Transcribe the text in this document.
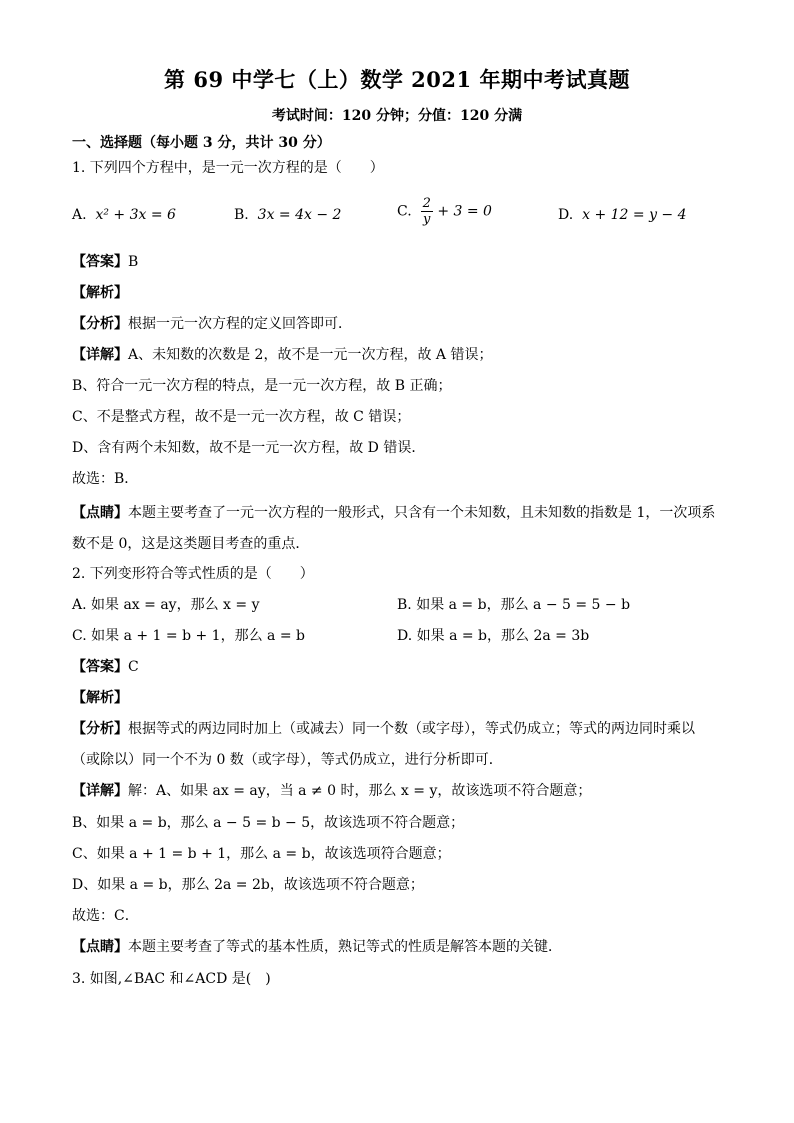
第 69 中学七（上）数学 2021 年期中考试真题
考试时间：120 分钟；分值：120 分满
一、选择题（每小题 3 分，共计 30 分）
1. 下列四个方程中，是一元一次方程的是（　　）
A. x² + 3x = 6	B. 3x = 4x − 2	C. $\frac{2}{y} + 3 = 0$	D. x + 12 = y − 4
【答案】B
【解析】
【分析】根据一元一次方程的定义回答即可．
【详解】A、未知数的次数是 2，故不是一元一次方程，故 A 错误；
B、符合一元一次方程的特点，是一元一次方程，故 B 正确；
C、不是整式方程，故不是一元一次方程，故 C 错误；
D、含有两个未知数，故不是一元一次方程，故 D 错误．
故选：B．
【点睛】本题主要考查了一元一次方程的一般形式，只含有一个未知数，且未知数的指数是 1，一次项系
数不是 0，这是这类题目考查的重点．
2. 下列变形符合等式性质的是（　　）
A. 如果 ax = ay，那么 x = y	B. 如果 a = b，那么 a − 5 = 5 − b
C. 如果 a + 1 = b + 1，那么 a = b	D. 如果 a = b，那么 2a = 3b
【答案】C
【解析】
【分析】根据等式的两边同时加上（或减去）同一个数（或字母），等式仍成立；等式的两边同时乘以
（或除以）同一个不为 0 数（或字母），等式仍成立，进行分析即可．
【详解】解：A、如果 ax = ay，当 a ≠ 0 时，那么 x = y，故该选项不符合题意；
B、如果 a = b，那么 a − 5 = b − 5，故该选项不符合题意；
C、如果 a + 1 = b + 1，那么 a = b，故该选项符合题意；
D、如果 a = b，那么 2a = 2b，故该选项不符合题意；
故选：C．
【点睛】本题主要考查了等式的基本性质，熟记等式的性质是解答本题的关键．
3. 如图,∠BAC 和∠ACD 是(　)
